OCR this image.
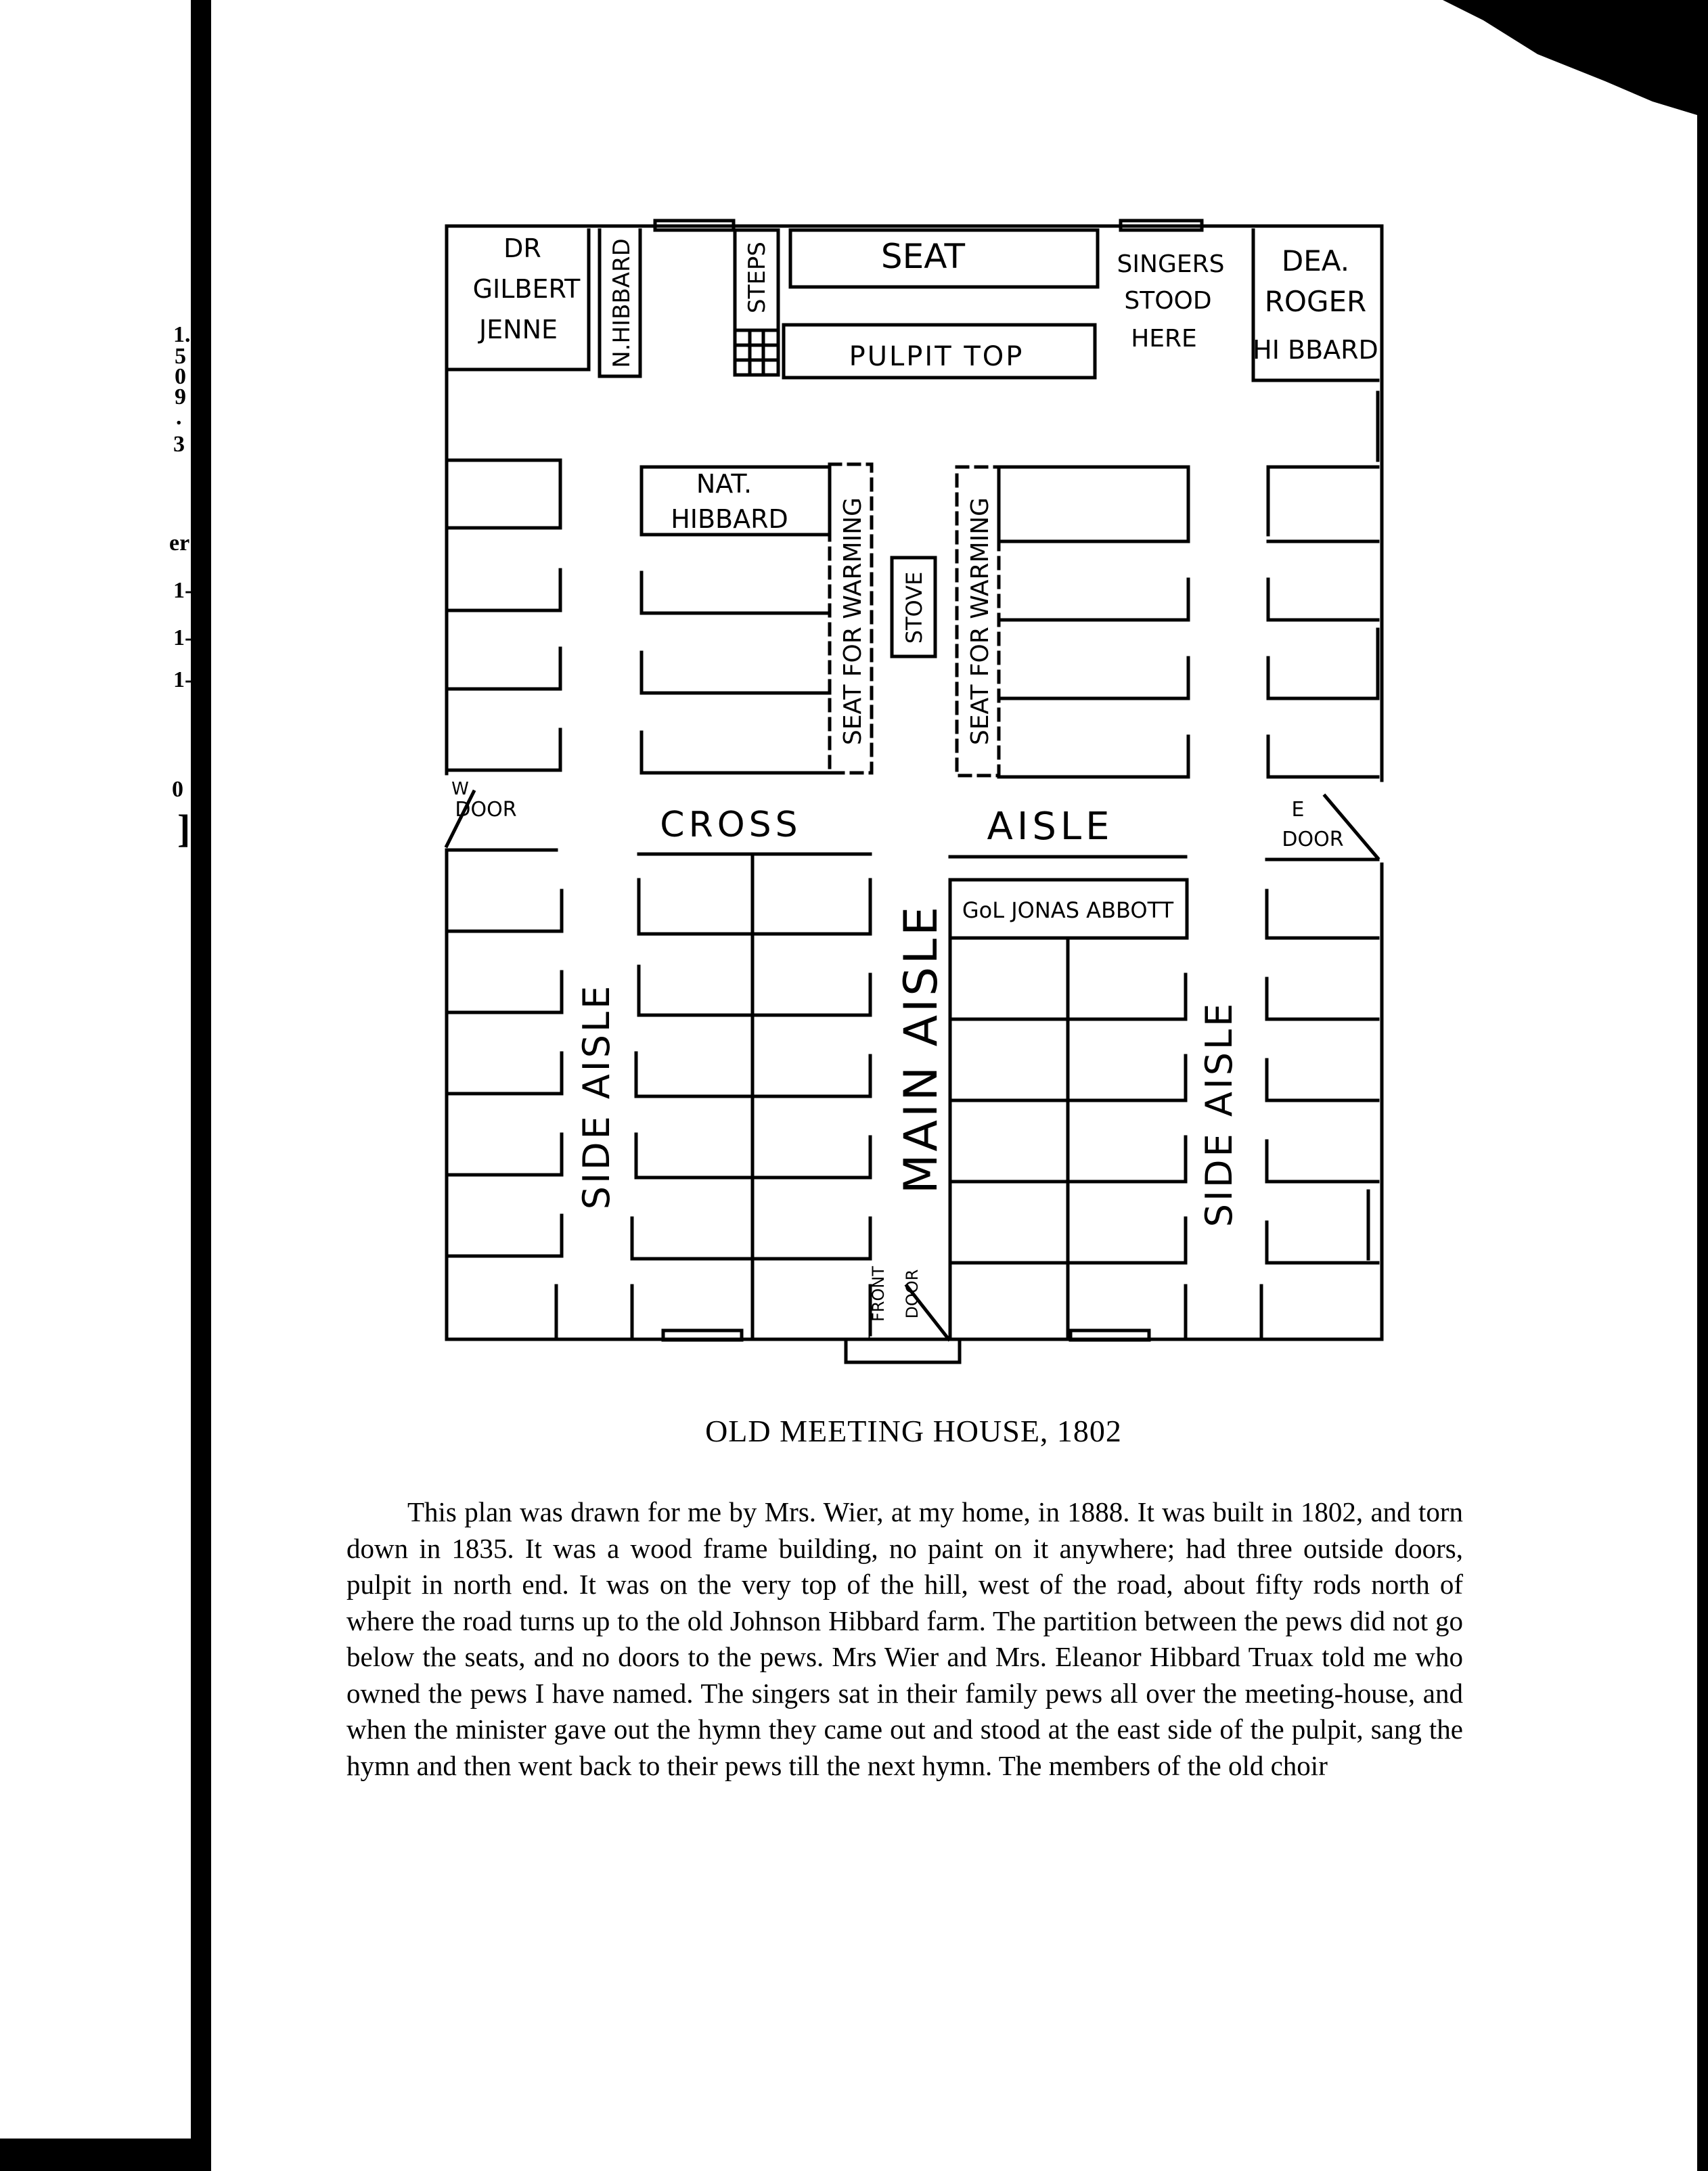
1.
5
0
9
.
3
er
1-
1-
1-
0
]
DR
GILBERT
JENNE N.HIBBARD	STEPS	SEAT
PULPIT TOP
SINGERS
STOOD
HERE
DEA.
ROGER
HI BBARD
NAT.
HIBBARD SEAT FOR WARMING STOVE SEAT FOR WARMING
W
DOOR	CROSS	AISLE	E
DOOR
GoL JONAS ABBOTT
MAIN AISLE
SIDE AISLE	SIDE AISLE
FRONT DOOR
OLD MEETING HOUSE, 1802

This plan was drawn for me by Mrs. Wier, at my home, in 1888. It was built in 1802, and torn down in 1835. It was a wood frame building, no paint on it anywhere; had three outside doors, pulpit in north end. It was on the very top of the hill, west of the road, about fifty rods north of where the road turns up to the old Johnson Hibbard farm. The partition between the pews did not go below the seats, and no doors to the pews. Mrs Wier and Mrs. Eleanor Hibbard Truax told me who owned the pews I have named. The singers sat in their family pews all over the meeting-house, and when the minister gave out the hymn they came out and stood at the east side of the pulpit, sang the hymn and then went back to their pews till the next hymn. The members of the old choir
